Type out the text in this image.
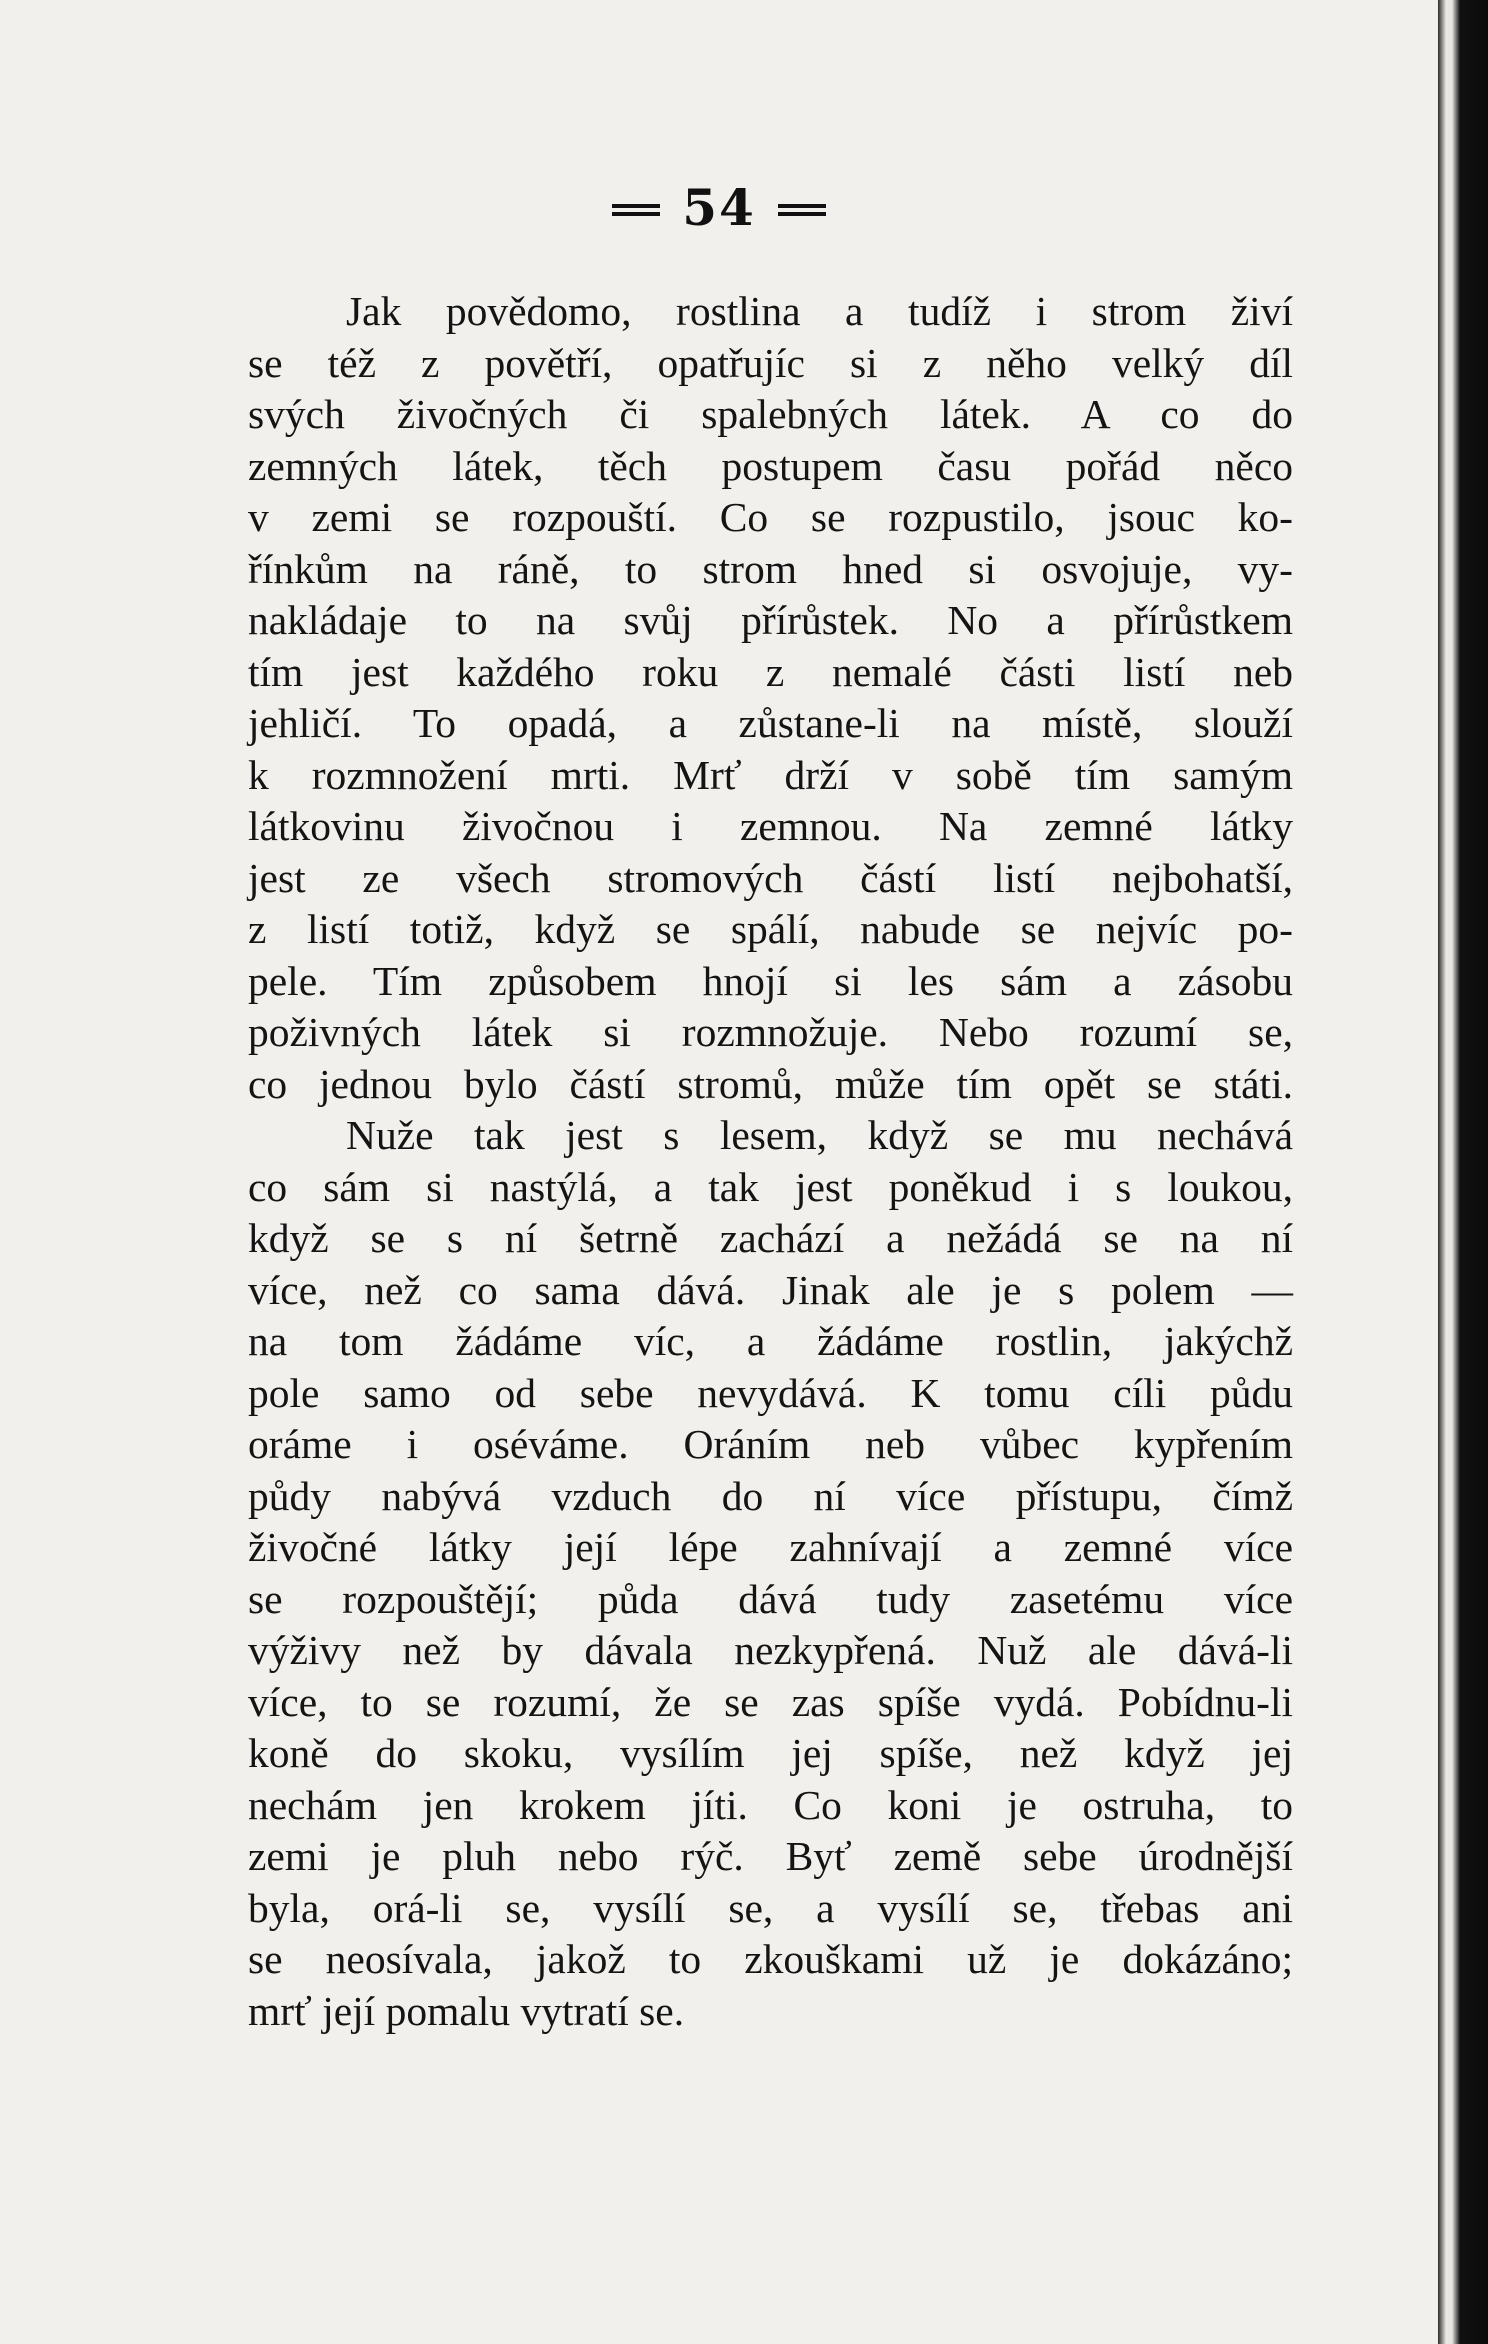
54
Jak povědomo, rostlina a tudíž i strom živí
se též z povětří, opatřujíc si z něho velký díl
svých živočných či spalebných látek. A co do
zemných látek, těch postupem času pořád něco
v zemi se rozpouští. Co se rozpustilo, jsouc ko-
řínkům na ráně, to strom hned si osvojuje, vy-
nakládaje to na svůj přírůstek. No a přírůstkem
tím jest každého roku z nemalé části listí neb
jehličí. To opadá, a zůstane-li na místě, slouží
k rozmnožení mrti. Mrť drží v sobě tím samým
látkovinu živočnou i zemnou. Na zemné látky
jest ze všech stromových částí listí nejbohatší,
z listí totiž, když se spálí, nabude se nejvíc po-
pele. Tím způsobem hnojí si les sám a zásobu
poživných látek si rozmnožuje. Nebo rozumí se,
co jednou bylo částí stromů, může tím opět se státi.
Nuže tak jest s lesem, když se mu nechává
co sám si nastýlá, a tak jest poněkud i s loukou,
když se s ní šetrně zachází a nežádá se na ní
více, než co sama dává. Jinak ale je s polem —
na tom žádáme víc, a žádáme rostlin, jakýchž
pole samo od sebe nevydává. K tomu cíli půdu
oráme i oséváme. Oráním neb vůbec kypřením
půdy nabývá vzduch do ní více přístupu, čímž
živočné látky její lépe zahnívají a zemné více
se rozpouštějí; půda dává tudy zasetému více
výživy než by dávala nezkypřená. Nuž ale dává-li
více, to se rozumí, že se zas spíše vydá. Pobídnu-li
koně do skoku, vysílím jej spíše, než když jej
nechám jen krokem jíti. Co koni je ostruha, to
zemi je pluh nebo rýč. Byť země sebe úrodnější
byla, orá-li se, vysílí se, a vysílí se, třebas ani
se neosívala, jakož to zkouškami už je dokázáno;
mrť její pomalu vytratí se.
